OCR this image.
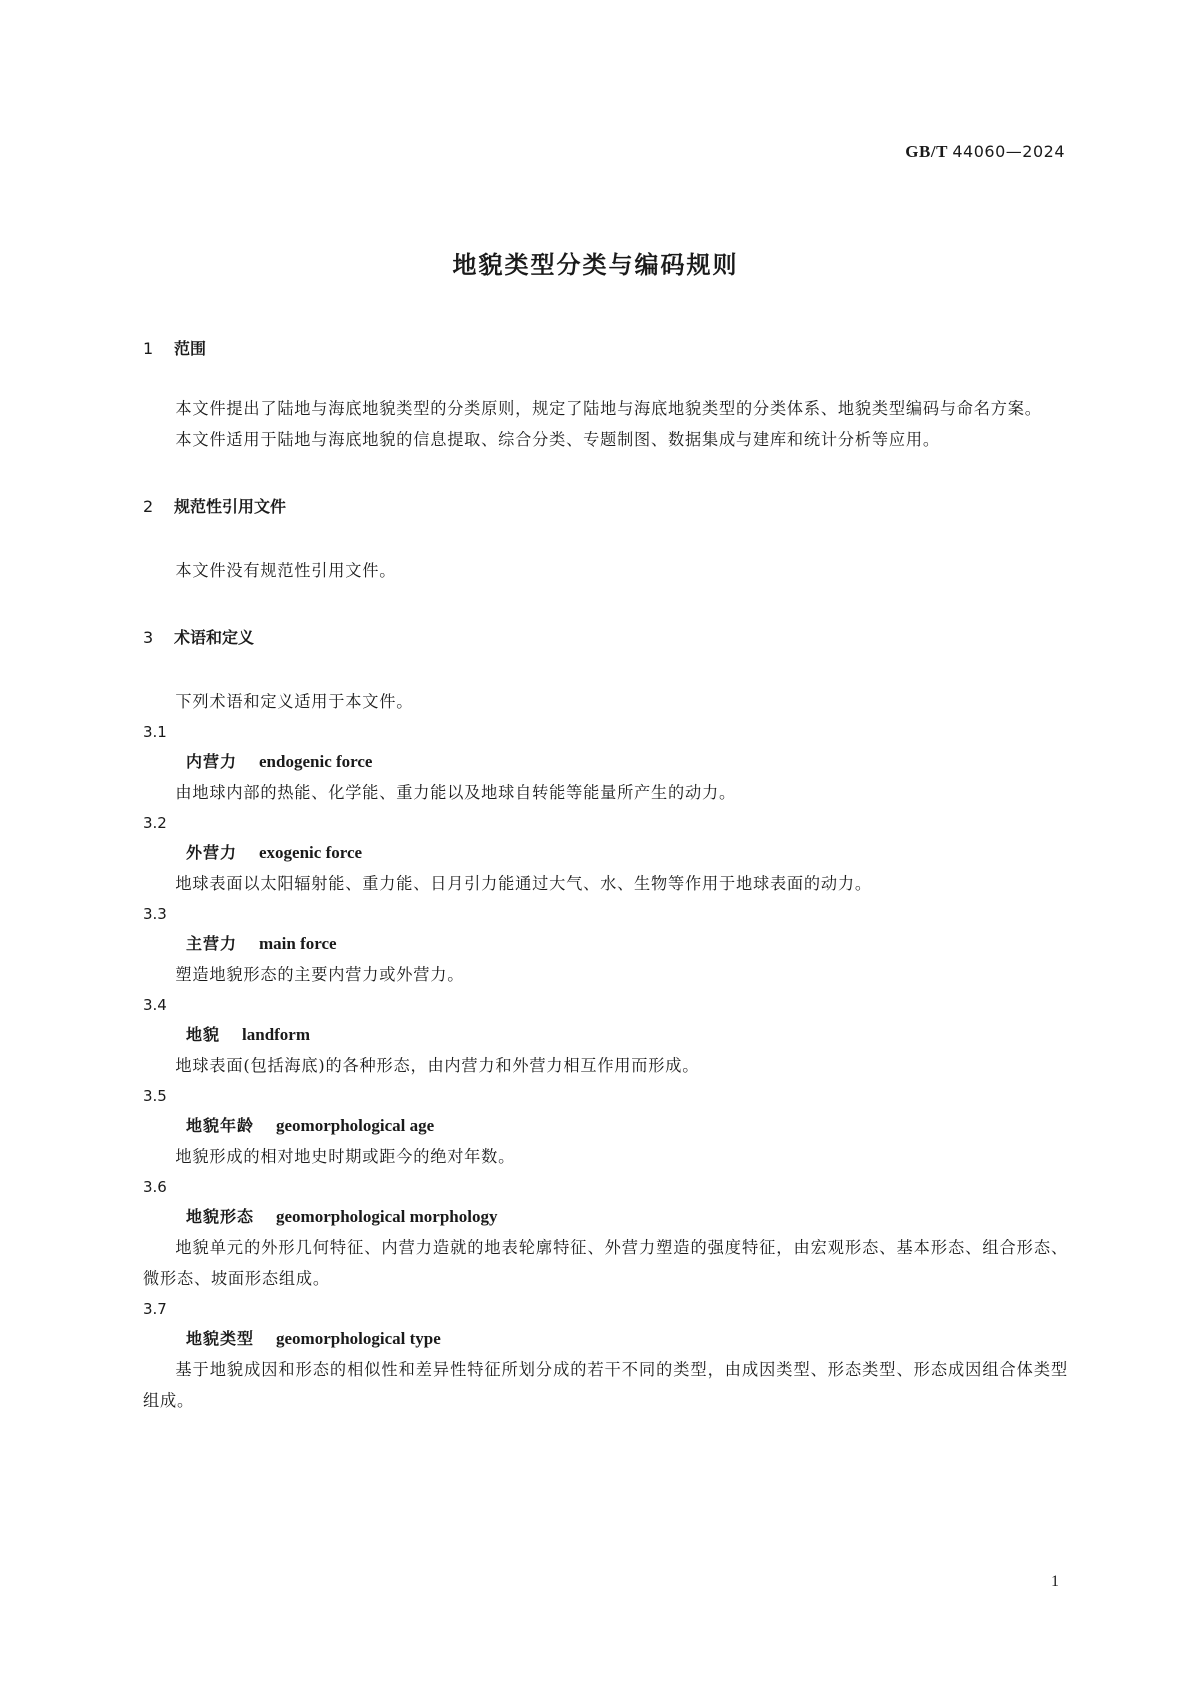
GB/T 44060—2024
地貌类型分类与编码规则
1 范围

本文件提出了陆地与海底地貌类型的分类原则，规定了陆地与海底地貌类型的分类体系、地貌类型编码与命名方案。

本文件适用于陆地与海底地貌的信息提取、综合分类、专题制图、数据集成与建库和统计分析等应用。

2 规范性引用文件

本文件没有规范性引用文件。

3 术语和定义

下列术语和定义适用于本文件。

3.1
内营力 endogenic force

由地球内部的热能、化学能、重力能以及地球自转能等能量所产生的动力。

3.2
外营力 exogenic force

地球表面以太阳辐射能、重力能、日月引力能通过大气、水、生物等作用于地球表面的动力。

3.3
主营力 main force

塑造地貌形态的主要内营力或外营力。

3.4
地貌 landform

地球表面(包括海底)的各种形态，由内营力和外营力相互作用而形成。

3.5
地貌年龄 geomorphological age

地貌形成的相对地史时期或距今的绝对年数。

3.6
地貌形态 geomorphological morphology

地貌单元的外形几何特征、内营力造就的地表轮廓特征、外营力塑造的强度特征，由宏观形态、基本形态、组合形态、微形态、坡面形态组成。

3.7
地貌类型 geomorphological type

基于地貌成因和形态的相似性和差异性特征所划分成的若干不同的类型，由成因类型、形态类型、形态成因组合体类型组成。

1
